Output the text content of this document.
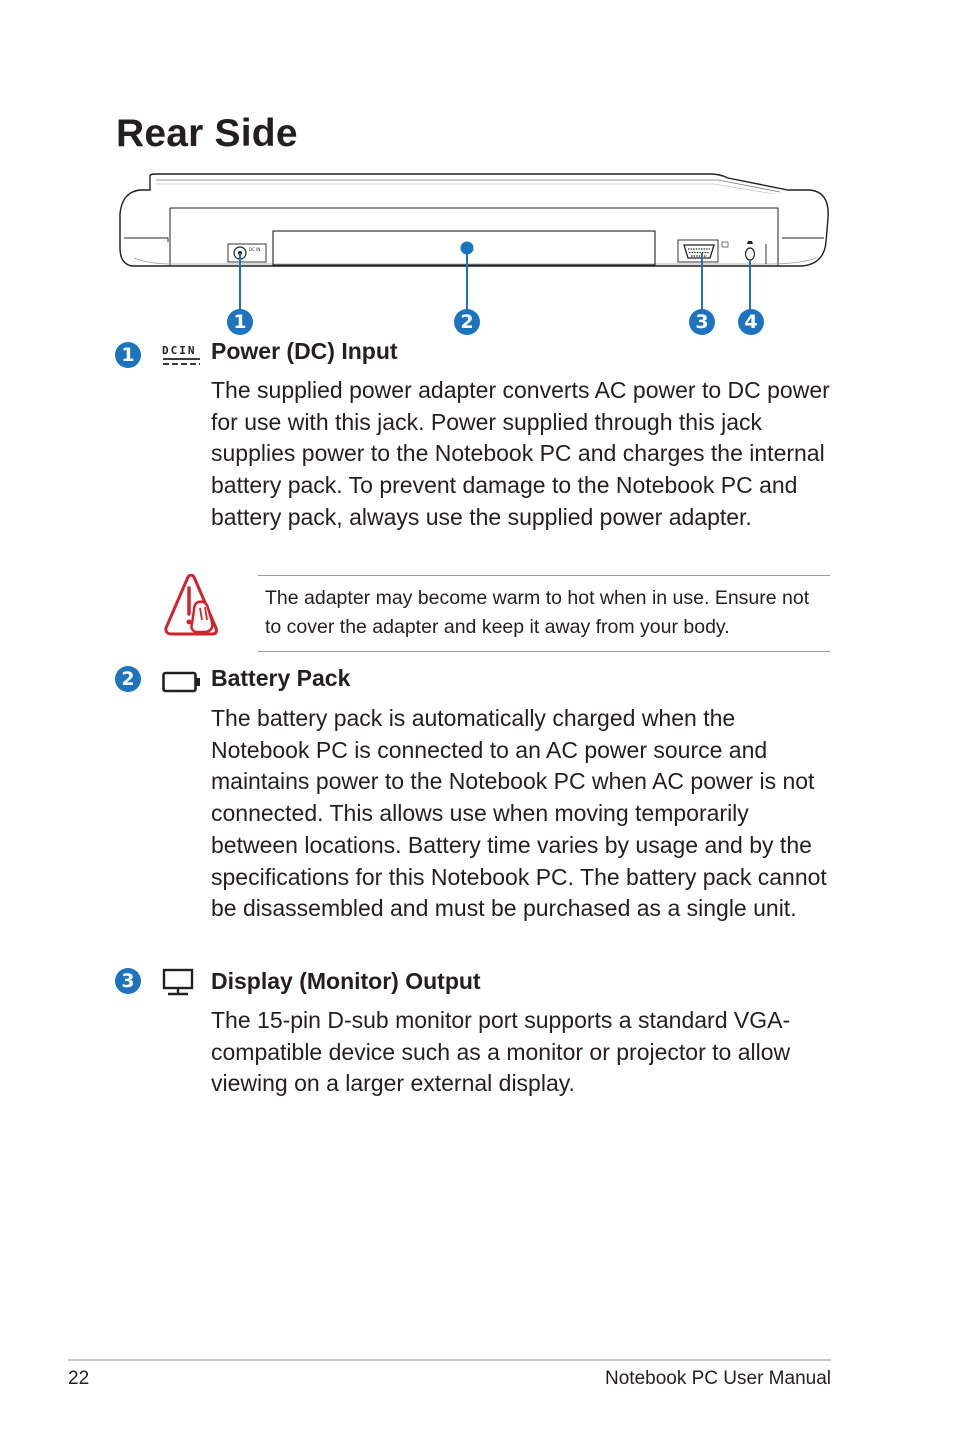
Rear Side
DC IN
1	2	3	4
1	DCIN Power (DC) Input

The supplied power adapter converts AC power to DC power for use with this jack. Power supplied through this jack supplies power to the Notebook PC and charges the internal battery pack. To prevent damage to the Notebook PC and battery pack, always use the supplied power adapter.

The adapter may become warm to hot when in use. Ensure not to cover the adapter and keep it away from your body.

2	Battery Pack

The battery pack is automatically charged when the Notebook PC is connected to an AC power source and maintains power to the Notebook PC when AC power is not connected. This allows use when moving temporarily between locations. Battery time varies by usage and by the specifications for this Notebook PC. The battery pack cannot be disassembled and must be purchased as a single unit.

3	Display (Monitor) Output

The 15-pin D-sub monitor port supports a standard VGA-compatible device such as a monitor or projector to allow viewing on a larger external display.

22	Notebook PC User Manual
